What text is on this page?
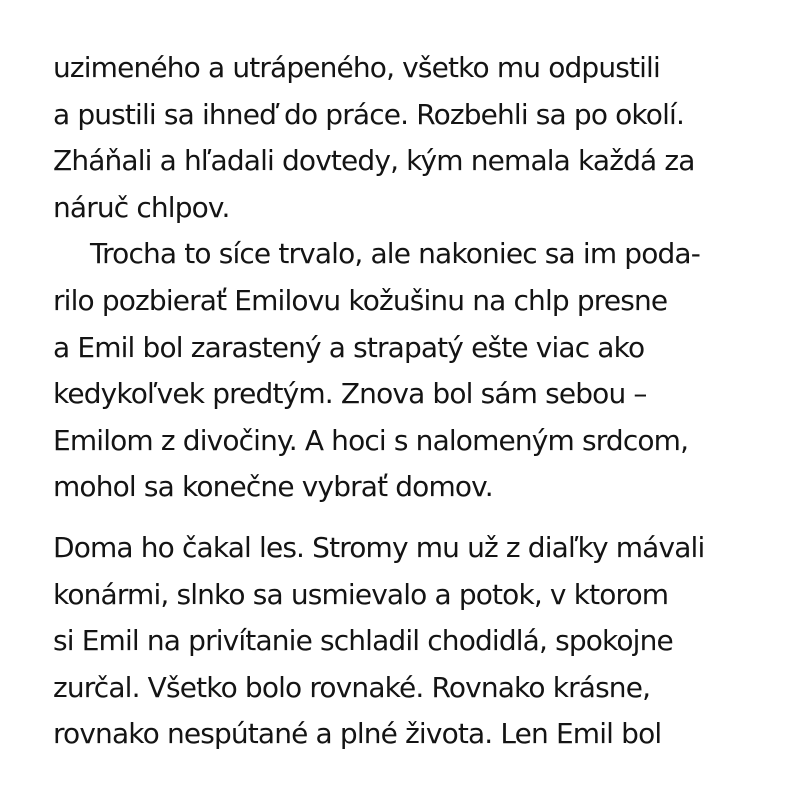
uzimeného a utrápeného, všetko mu odpustili
a pustili sa ihneď do práce. Rozbehli sa po okolí.
Zháňali a hľadali dovtedy, kým nemala každá za
náruč chlpov.
Trocha to síce trvalo, ale nakoniec sa im poda-
rilo pozbierať Emilovu kožušinu na chlp presne
a Emil bol zarastený a strapatý ešte viac ako
kedykoľvek predtým. Znova bol sám sebou –
Emilom z divočiny. A hoci s nalomeným srdcom,
mohol sa konečne vybrať domov.
Doma ho čakal les. Stromy mu už z diaľky mávali
konármi, slnko sa usmievalo a potok, v ktorom
si Emil na privítanie schladil chodidlá, spokojne
zurčal. Všetko bolo rovnaké. Rovnako krásne,
rovnako nespútané a plné života. Len Emil bol
